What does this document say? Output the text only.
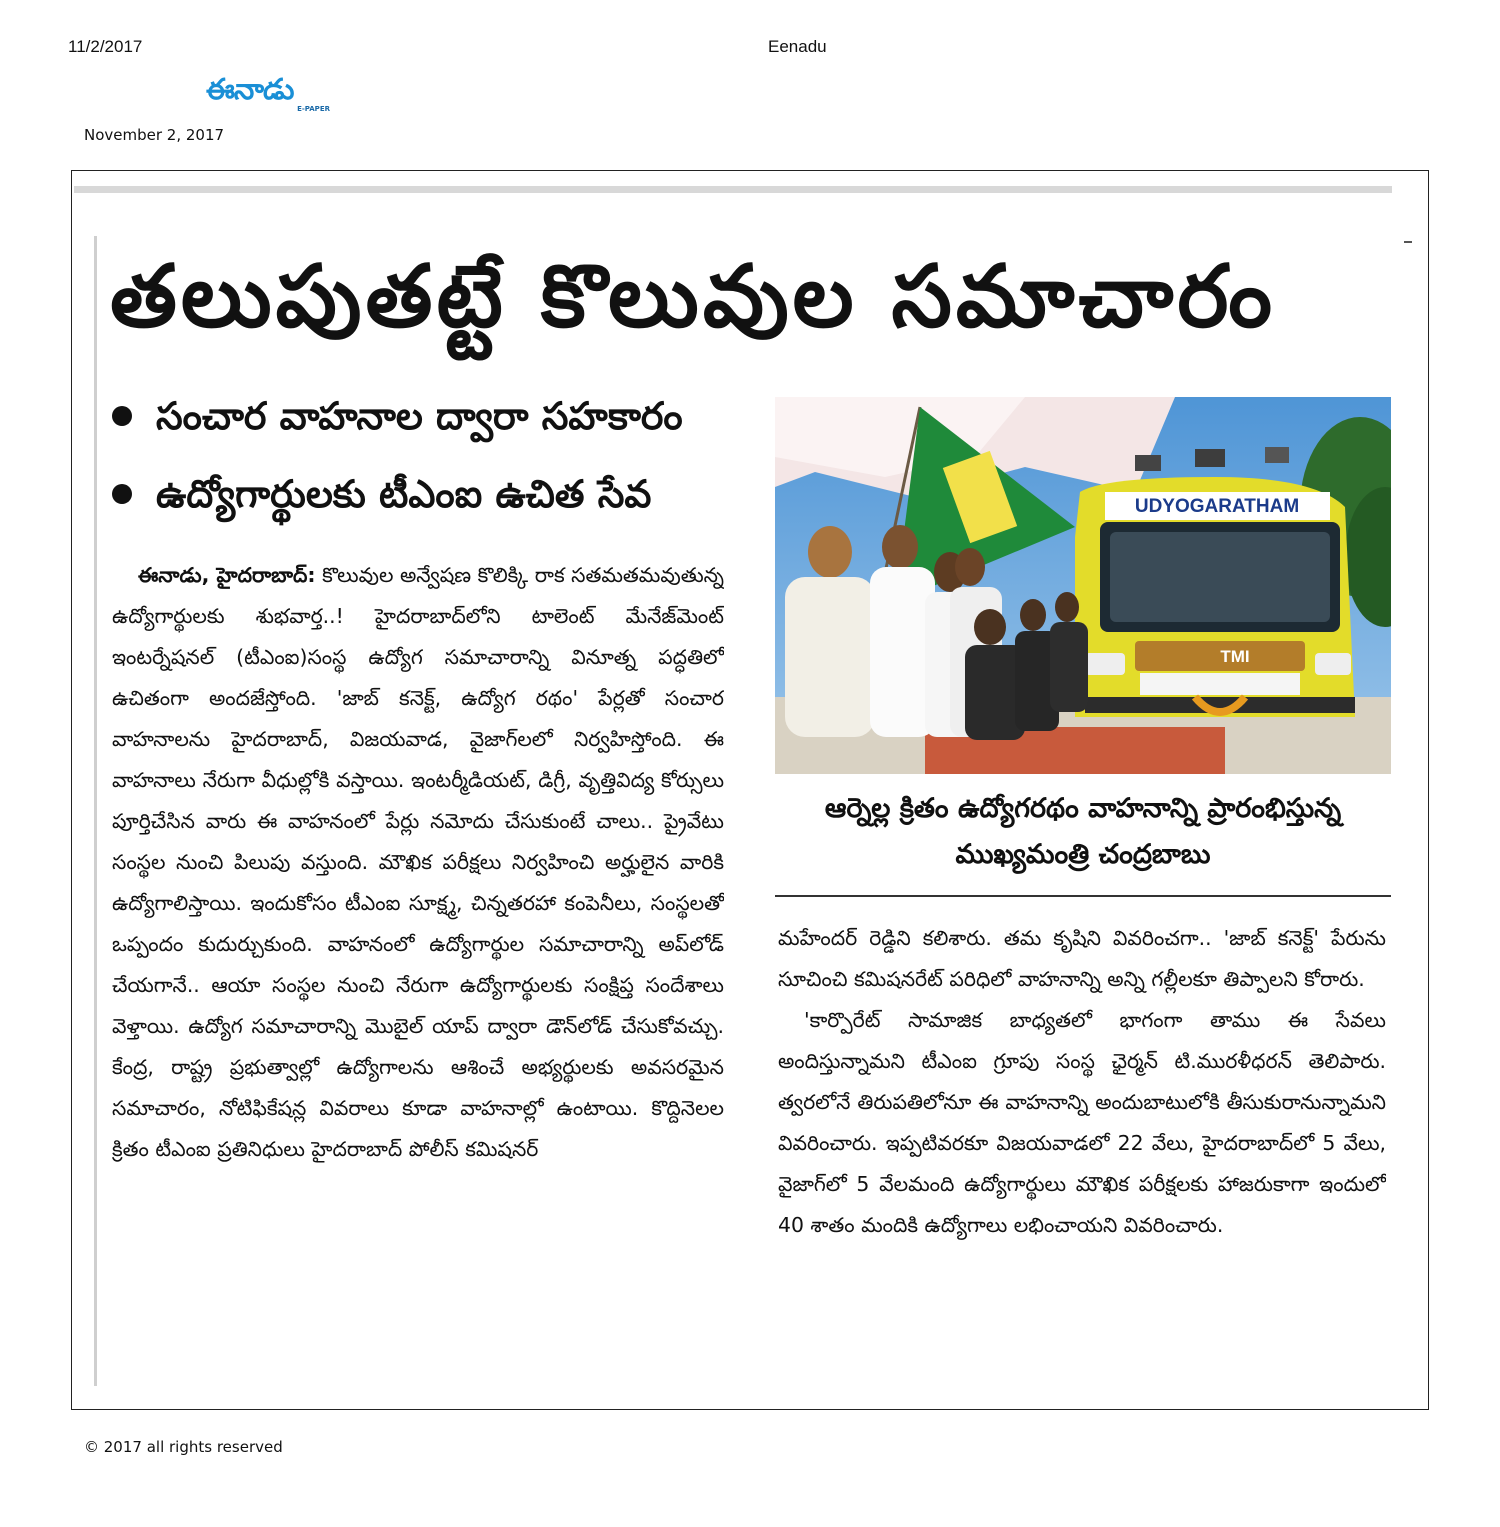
11/2/2017	Eenadu
ఈనాడు
E-PAPER
November 2, 2017
తలుపుతట్టే కొలువుల సమాచారం
సంచార వాహనాల ద్వారా సహకారం
ఉద్యోగార్థులకు టీఎంఐ ఉచిత సేవ

ఈనాడు, హైదరాబాద్: కొలువుల అన్వేషణ కొలిక్కి రాక సతమతమవుతున్న ఉద్యోగార్థులకు శుభవార్త..! హైదరాబాద్‌లోని టాలెంట్ మేనేజ్‌మెంట్ ఇంటర్నేషనల్ (టీఎంఐ)సంస్థ ఉద్యోగ సమాచారాన్ని వినూత్న పద్ధతిలో ఉచితంగా అందజేస్తోంది. 'జాబ్ కనెక్ట్, ఉద్యోగ రథం' పేర్లతో సంచార వాహనాలను హైదరాబాద్, విజయవాడ, వైజాగ్‌లలో నిర్వహిస్తోంది. ఈ వాహనాలు నేరుగా వీధుల్లోకి వస్తాయి. ఇంటర్మీడియట్, డిగ్రీ, వృత్తివిద్య కోర్సులు పూర్తిచేసిన వారు ఈ వాహనంలో పేర్లు నమోదు చేసుకుంటే చాలు.. ప్రైవేటు సంస్థల నుంచి పిలుపు వస్తుంది. మౌఖిక పరీక్షలు నిర్వహించి అర్హులైన వారికి ఉద్యోగాలిస్తాయి. ఇందుకోసం టీఎంఐ సూక్ష్మ, చిన్నతరహా కంపెనీలు, సంస్థలతో ఒప్పందం కుదుర్చుకుంది. వాహనంలో ఉద్యోగార్థుల సమాచారాన్ని అప్‌లోడ్ చేయగానే.. ఆయా సంస్థల నుంచి నేరుగా ఉద్యోగార్థులకు సంక్షిప్త సందేశాలు వెళ్తాయి. ఉద్యోగ సమాచారాన్ని మొబైల్ యాప్ ద్వారా డౌన్‌లోడ్ చేసుకోవచ్చు. కేంద్ర, రాష్ట్ర ప్రభుత్వాల్లో ఉద్యోగాలను ఆశించే అభ్యర్థులకు అవసరమైన సమాచారం, నోటిఫికేషన్ల వివరాలు కూడా వాహనాల్లో ఉంటాయి. కొద్దినెలల క్రితం టీఎంఐ ప్రతినిధులు హైదరాబాద్ పోలీస్ కమిషనర్

UDYOGARATHAM
TMI
ఆర్నెల్ల క్రితం ఉద్యోగరథం వాహనాన్ని ప్రారంభిస్తున్న ముఖ్యమంత్రి చంద్రబాబు

మహేందర్ రెడ్డిని కలిశారు. తమ కృషిని వివరించగా.. 'జాబ్ కనెక్ట్' పేరును సూచించి కమిషనరేట్ పరిధిలో వాహనాన్ని అన్ని గల్లీలకూ తిప్పాలని కోరారు.

'కార్పొరేట్ సామాజిక బాధ్యతలో భాగంగా తాము ఈ సేవలు అందిస్తున్నామని టీఎంఐ గ్రూపు సంస్థ ఛైర్మన్ టి.మురళీధరన్ తెలిపారు. త్వరలోనే తిరుపతిలోనూ ఈ వాహనాన్ని అందుబాటులోకి తీసుకురానున్నామని వివరించారు. ఇప్పటివరకూ విజయవాడలో 22 వేలు, హైదరాబాద్‌లో 5 వేలు, వైజాగ్‌లో 5 వేలమంది ఉద్యోగార్థులు మౌఖిక పరీక్షలకు హాజరుకాగా ఇందులో 40 శాతం మందికి ఉద్యోగాలు లభించాయని వివరించారు.

© 2017 all rights reserved
